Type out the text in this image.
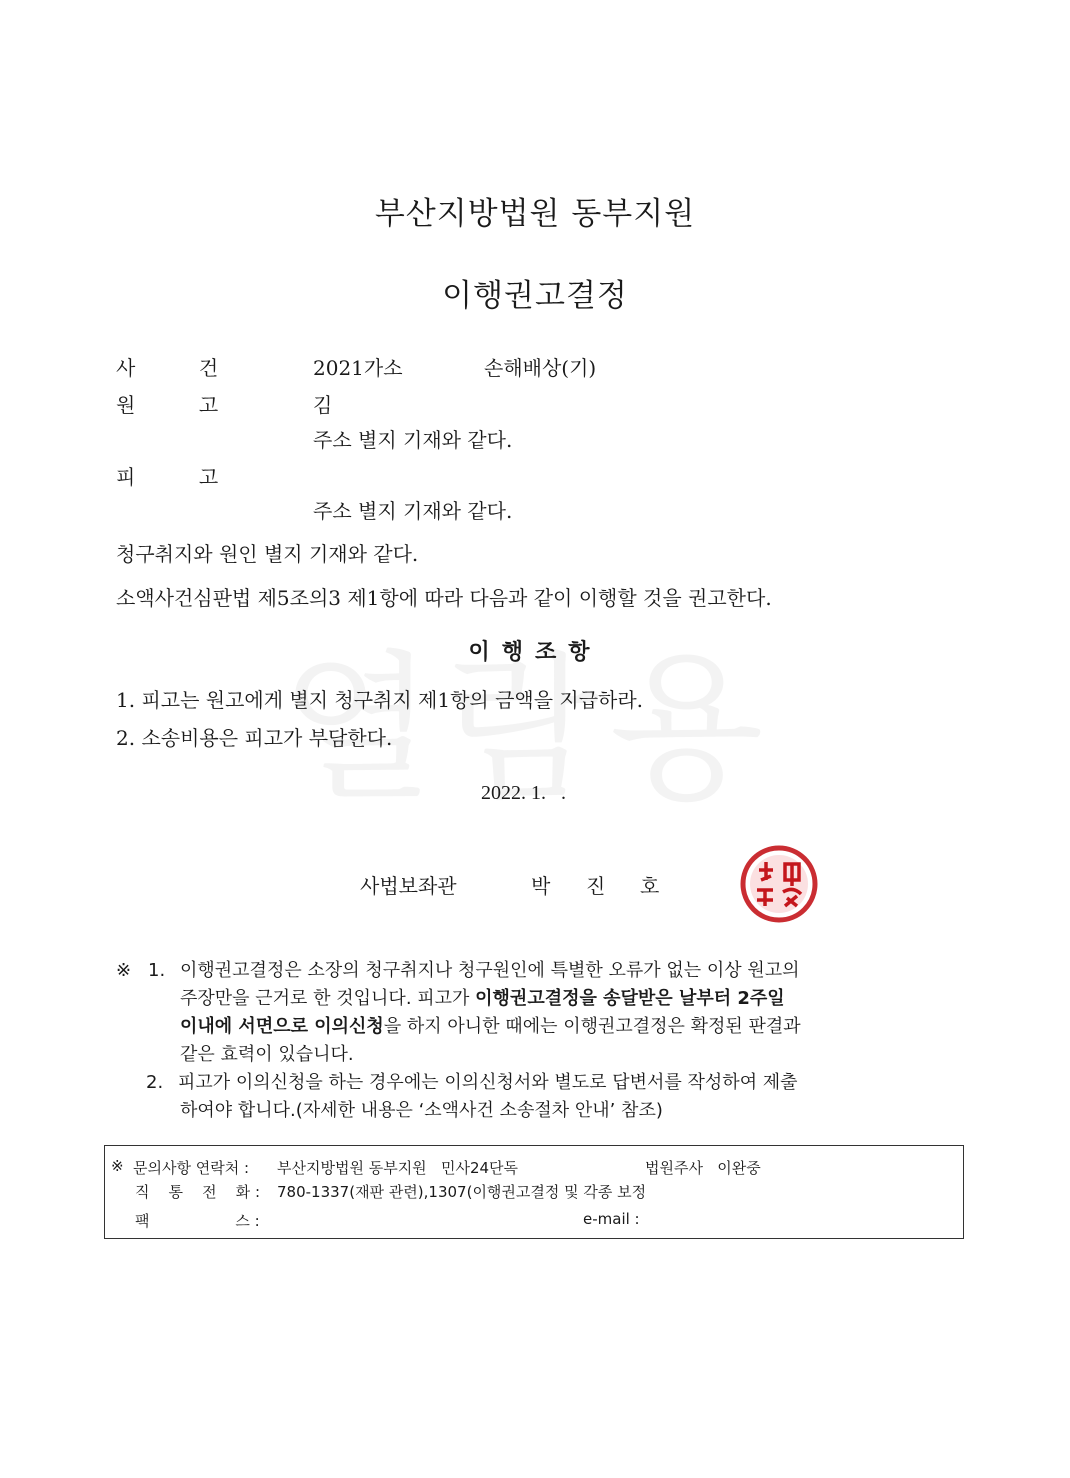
부산지방법원 동부지원
이행권고결정
사          건	2021가소	손해배상(기)
원          고	김
주소 별지 기재와 같다.
피          고
주소 별지 기재와 같다.
청구취지와 원인 별지 기재와 같다.
소액사건심판법 제5조의3 제1항에 따라 다음과 같이 이행할 것을 권고한다.
이행조항
1. 피고는 원고에게 별지 청구취지 제1항의 금액을 지급하라.
2. 소송비용은 피고가 부담한다.
2022. 1.   .
사법보좌관	박 진 호	朴珍浩
※ 1. 이행권고결정은 소장의 청구취지나 청구원인에 특별한 오류가 없는 이상 원고의
주장만을 근거로 한 것입니다. 피고가 이행권고결정을 송달받은 날부터 2주일
이내에 서면으로 이의신청을 하지 아니한 때에는 이행권고결정은 확정된 판결과
같은 효력이 있습니다.
2. 피고가 이의신청을 하는 경우에는 이의신청서와 별도로 답변서를 작성하여 제출
하여야 합니다.(자세한 내용은 ‘소액사건 소송절차 안내’ 참조)
※ 문의사항 연락처 : 부산지방법원 동부지원   민사24단독	법원주사   이완중
직    통    전    화 : 780-1337(재판 관련),1307(이행권고결정 및 각종 보정
팩                  스 :	e-mail :
